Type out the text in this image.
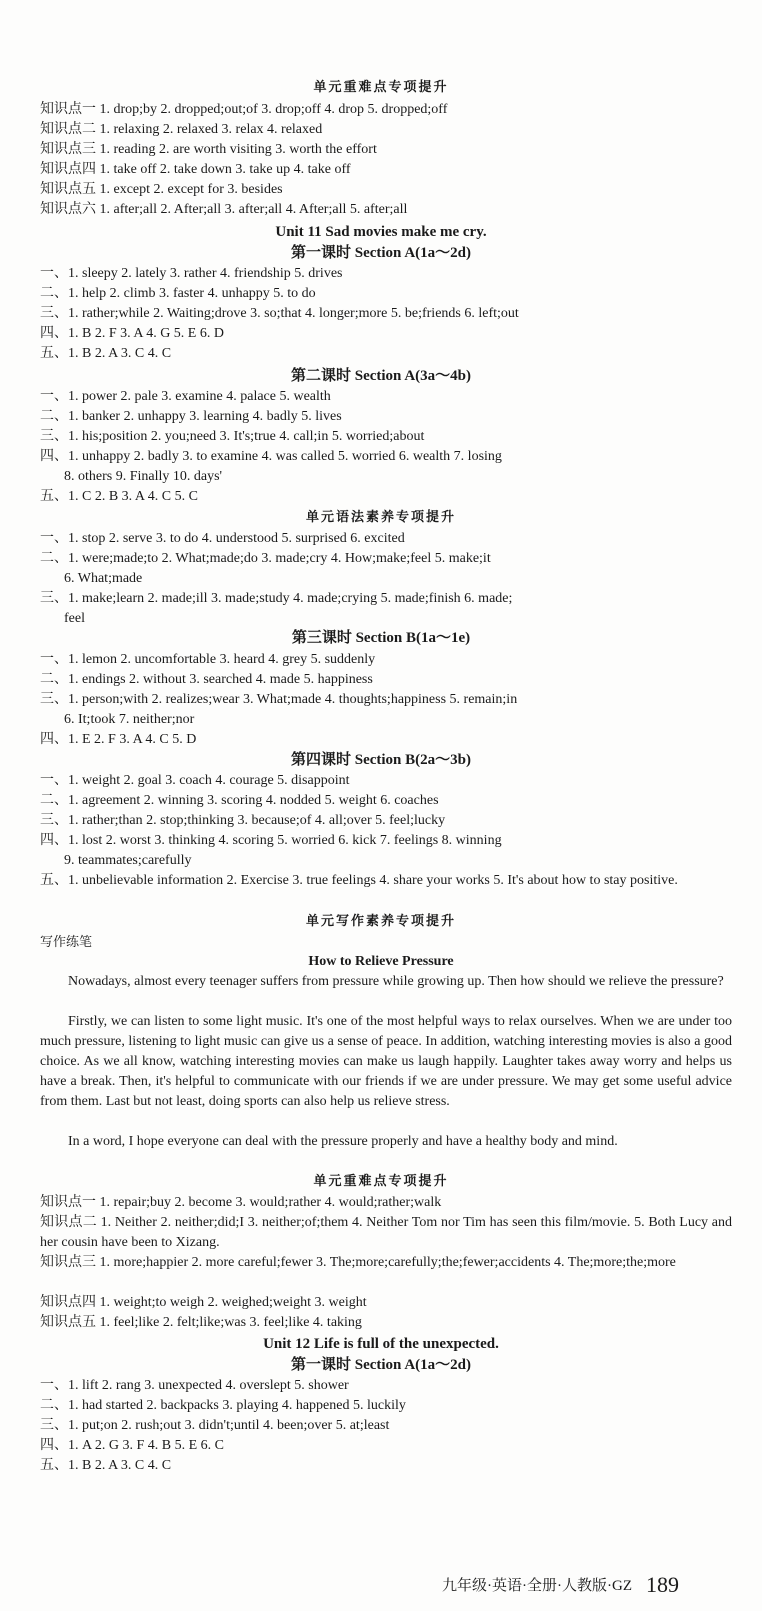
单元重难点专项提升
知识点一 1. drop;by 2. dropped;out;of 3. drop;off 4. drop 5. dropped;off
知识点二 1. relaxing 2. relaxed 3. relax 4. relaxed
知识点三 1. reading 2. are worth visiting 3. worth the effort
知识点四 1. take off 2. take down 3. take up 4. take off
知识点五 1. except 2. except for 3. besides
知识点六 1. after;all 2. After;all 3. after;all 4. After;all 5. after;all
Unit 11 Sad movies make me cry.
第一课时 Section A(1a～2d)
一、1. sleepy 2. lately 3. rather 4. friendship 5. drives
二、1. help 2. climb 3. faster 4. unhappy 5. to do
三、1. rather;while 2. Waiting;drove 3. so;that 4. longer;more 5. be;friends 6. left;out
四、1. B 2. F 3. A 4. G 5. E 6. D
五、1. B 2. A 3. C 4. C
第二课时 Section A(3a～4b)
一、1. power 2. pale 3. examine 4. palace 5. wealth
二、1. banker 2. unhappy 3. learning 4. badly 5. lives
三、1. his;position 2. you;need 3. It's;true 4. call;in 5. worried;about
四、1. unhappy 2. badly 3. to examine 4. was called 5. worried 6. wealth 7. losing
8. others 9. Finally 10. days'
五、1. C 2. B 3. A 4. C 5. C
单元语法素养专项提升
一、1. stop 2. serve 3. to do 4. understood 5. surprised 6. excited
二、1. were;made;to 2. What;made;do 3. made;cry 4. How;make;feel 5. make;it
6. What;made
三、1. make;learn 2. made;ill 3. made;study 4. made;crying 5. made;finish 6. made;
feel
第三课时 Section B(1a～1e)
一、1. lemon 2. uncomfortable 3. heard 4. grey 5. suddenly
二、1. endings 2. without 3. searched 4. made 5. happiness
三、1. person;with 2. realizes;wear 3. What;made 4. thoughts;happiness 5. remain;in
6. It;took 7. neither;nor
四、1. E 2. F 3. A 4. C 5. D
第四课时 Section B(2a～3b)
一、1. weight 2. goal 3. coach 4. courage 5. disappoint
二、1. agreement 2. winning 3. scoring 4. nodded 5. weight 6. coaches
三、1. rather;than 2. stop;thinking 3. because;of 4. all;over 5. feel;lucky
四、1. lost 2. worst 3. thinking 4. scoring 5. worried 6. kick 7. feelings 8. winning
9. teammates;carefully
五、1. unbelievable information 2. Exercise 3. true feelings 4. share your works 5. It's about how to stay positive.
单元写作素养专项提升
写作练笔
How to Relieve Pressure
Nowadays, almost every teenager suffers from pressure while growing up. Then how should we relieve the pressure?
Firstly, we can listen to some light music. It's one of the most helpful ways to relax ourselves. When we are under too much pressure, listening to light music can give us a sense of peace. In addition, watching interesting movies is also a good choice. As we all know, watching interesting movies can make us laugh happily. Laughter takes away worry and helps us have a break. Then, it's helpful to communicate with our friends if we are under pressure. We may get some useful advice from them. Last but not least, doing sports can also help us relieve stress.
In a word, I hope everyone can deal with the pressure properly and have a healthy body and mind.
单元重难点专项提升
知识点一 1. repair;buy 2. become 3. would;rather 4. would;rather;walk
知识点二 1. Neither 2. neither;did;I 3. neither;of;them 4. Neither Tom nor Tim has seen this film/movie. 5. Both Lucy and her cousin have been to Xizang.
知识点三 1. more;happier 2. more careful;fewer 3. The;more;carefully;the;fewer;accidents 4. The;more;the;more
知识点四 1. weight;to weigh 2. weighed;weight 3. weight
知识点五 1. feel;like 2. felt;like;was 3. feel;like 4. taking
Unit 12 Life is full of the unexpected.
第一课时 Section A(1a～2d)
一、1. lift 2. rang 3. unexpected 4. overslept 5. shower
二、1. had started 2. backpacks 3. playing 4. happened 5. luckily
三、1. put;on 2. rush;out 3. didn't;until 4. been;over 5. at;least
四、1. A 2. G 3. F 4. B 5. E 6. C
五、1. B 2. A 3. C 4. C
九年级·英语·全册·人教版·GZ 189
